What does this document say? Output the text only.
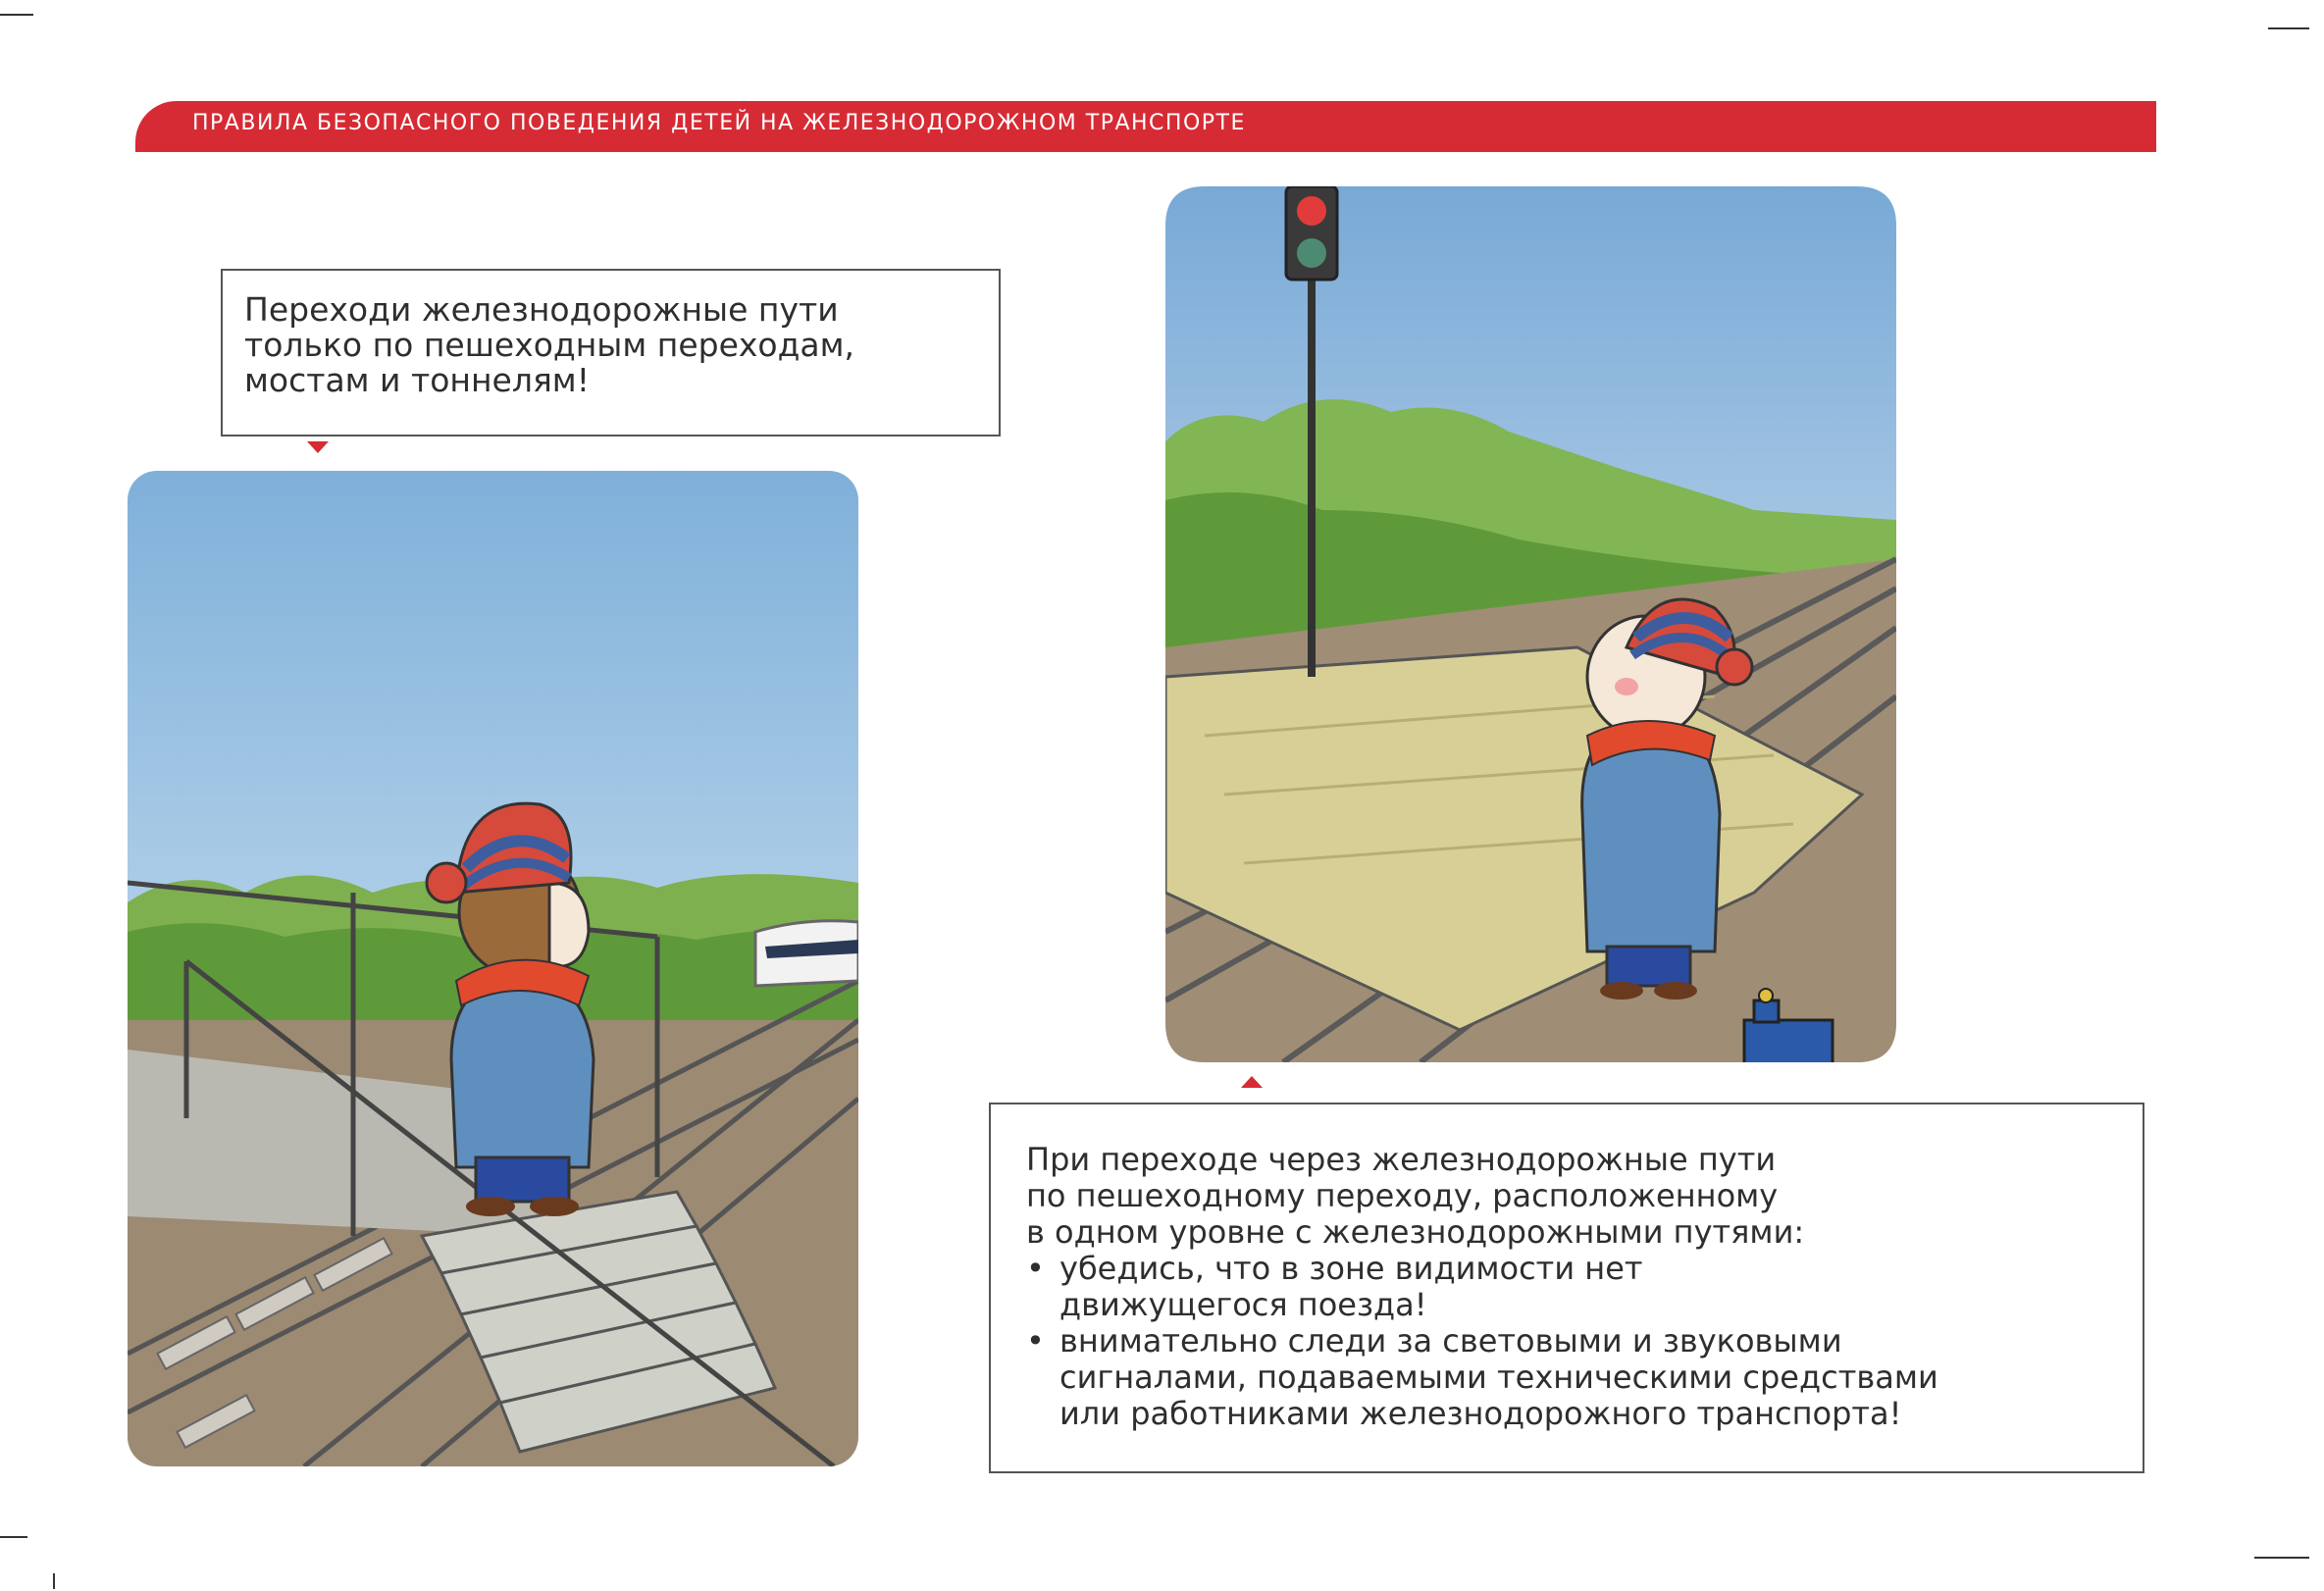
ПРАВИЛА БЕЗОПАСНОГО ПОВЕДЕНИЯ ДЕТЕЙ НА ЖЕЛЕЗНОДОРОЖНОМ ТРАНСПОРТЕ
Переходи железнодорожные пути
только по пешеходным переходам,
мостам и тоннелям!
При переходе через железнодорожные пути
по пешеходному переходу, расположенному
в одном уровне с железнодорожными путями:
• убедись, что в зоне видимости нет
движущегося поезда!
• внимательно следи за световыми и звуковыми
сигналами, подаваемыми техническими средствами
или работниками железнодорожного транспорта!
